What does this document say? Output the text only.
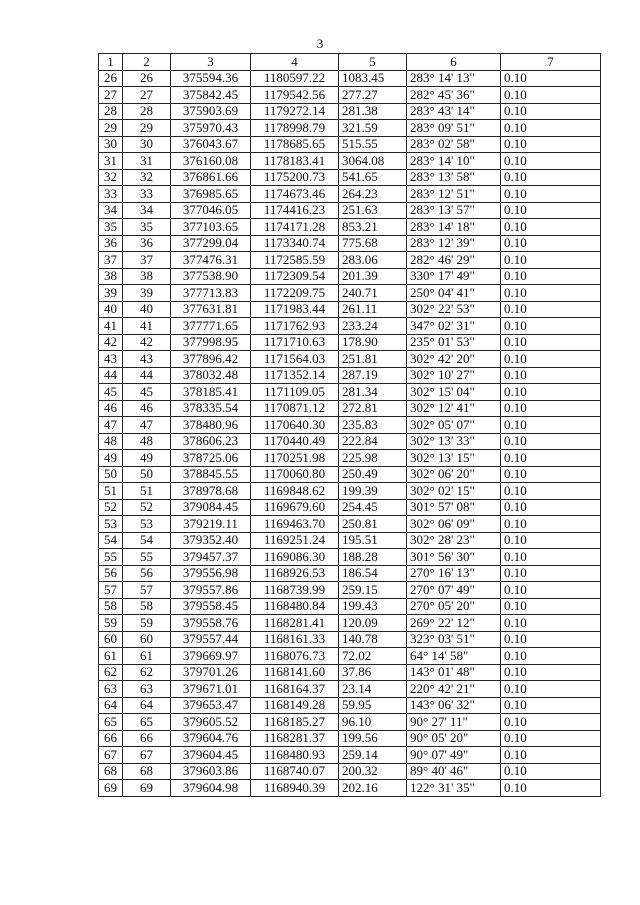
3
1	2	3	4	5	6	7
26	26	375594.36	1180597.22	1083.45	283° 14' 13"	0.10
27	27	375842.45	1179542.56	277.27	282° 45' 36"	0.10
28	28	375903.69	1179272.14	281.38	283° 43' 14"	0.10
29	29	375970.43	1178998.79	321.59	283° 09' 51"	0.10
30	30	376043.67	1178685.65	515.55	283° 02' 58"	0.10
31	31	376160.08	1178183.41	3064.08	283° 14' 10"	0.10
32	32	376861.66	1175200.73	541.65	283° 13' 58"	0.10
33	33	376985.65	1174673.46	264.23	283° 12' 51"	0.10
34	34	377046.05	1174416.23	251.63	283° 13' 57"	0.10
35	35	377103.65	1174171.28	853.21	283° 14' 18"	0.10
36	36	377299.04	1173340.74	775.68	283° 12' 39"	0.10
37	37	377476.31	1172585.59	283.06	282° 46' 29"	0.10
38	38	377538.90	1172309.54	201.39	330° 17' 49"	0.10
39	39	377713.83	1172209.75	240.71	250° 04' 41"	0.10
40	40	377631.81	1171983.44	261.11	302° 22' 53"	0.10
41	41	377771.65	1171762.93	233.24	347° 02' 31"	0.10
42	42	377998.95	1171710.63	178.90	235° 01' 53"	0.10
43	43	377896.42	1171564.03	251.81	302° 42' 20"	0.10
44	44	378032.48	1171352.14	287.19	302° 10' 27"	0.10
45	45	378185.41	1171109.05	281.34	302° 15' 04"	0.10
46	46	378335.54	1170871.12	272.81	302° 12' 41"	0.10
47	47	378480.96	1170640.30	235.83	302° 05' 07"	0.10
48	48	378606.23	1170440.49	222.84	302° 13' 33"	0.10
49	49	378725.06	1170251.98	225.98	302° 13' 15"	0.10
50	50	378845.55	1170060.80	250.49	302° 06' 20"	0.10
51	51	378978.68	1169848.62	199.39	302° 02' 15"	0.10
52	52	379084.45	1169679.60	254.45	301° 57' 08"	0.10
53	53	379219.11	1169463.70	250.81	302° 06' 09"	0.10
54	54	379352.40	1169251.24	195.51	302° 28' 23"	0.10
55	55	379457.37	1169086.30	188.28	301° 56' 30"	0.10
56	56	379556.98	1168926.53	186.54	270° 16' 13"	0.10
57	57	379557.86	1168739.99	259.15	270° 07' 49"	0.10
58	58	379558.45	1168480.84	199.43	270° 05' 20"	0.10
59	59	379558.76	1168281.41	120.09	269° 22' 12"	0.10
60	60	379557.44	1168161.33	140.78	323° 03' 51"	0.10
61	61	379669.97	1168076.73	72.02	64° 14' 58"	0.10
62	62	379701.26	1168141.60	37.86	143° 01' 48"	0.10
63	63	379671.01	1168164.37	23.14	220° 42' 21"	0.10
64	64	379653.47	1168149.28	59.95	143° 06' 32"	0.10
65	65	379605.52	1168185.27	96.10	90° 27' 11"	0.10
66	66	379604.76	1168281.37	199.56	90° 05' 20"	0.10
67	67	379604.45	1168480.93	259.14	90° 07' 49"	0.10
68	68	379603.86	1168740.07	200.32	89° 40' 46"	0.10
69	69	379604.98	1168940.39	202.16	122° 31' 35"	0.10
